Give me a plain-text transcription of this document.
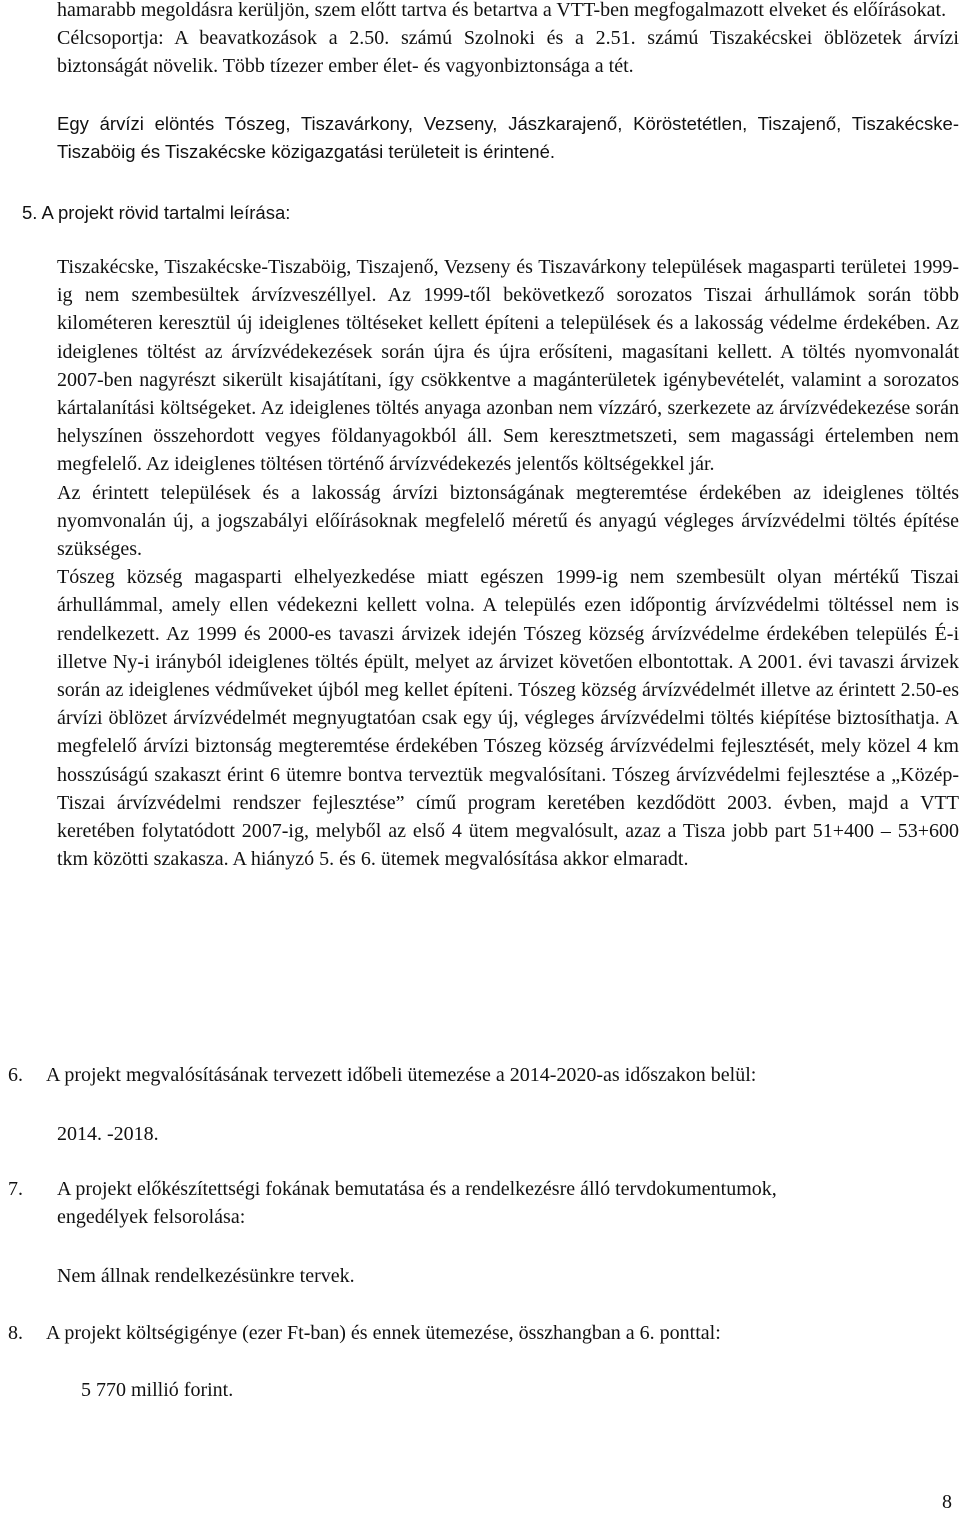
hamarabb megoldásra kerüljön, szem előtt tartva és betartva a VTT-ben megfogalmazott elveket és előírásokat.

Célcsoportja: A beavatkozások a 2.50. számú Szolnoki és a 2.51. számú Tiszakécskei öblözetek árvízi biztonságát növelik. Több tízezer ember élet- és vagyonbiztonsága a tét.

Egy árvízi elöntés Tószeg, Tiszavárkony, Vezseny, Jászkarajenő, Köröstetétlen, Tiszajenő, Tiszakécske-Tiszaböig és Tiszakécske közigazgatási területeit is érintené.

5. A projekt rövid tartalmi leírása:

Tiszakécske, Tiszakécske-Tiszaböig, Tiszajenő, Vezseny és Tiszavárkony települések magasparti területei 1999-ig nem szembesültek árvízveszéllyel. Az 1999-től bekövetkező sorozatos Tiszai árhullámok során több kilométeren keresztül új ideiglenes töltéseket kellett építeni a települések és a lakosság védelme érdekében. Az ideiglenes töltést az árvízvédekezések során újra és újra erősíteni, magasítani kellett. A töltés nyomvonalát 2007-ben nagyrészt sikerült kisajátítani, így csökkentve a magánterületek igénybevételét, valamint a sorozatos kártalanítási költségeket. Az ideiglenes töltés anyaga azonban nem vízzáró, szerkezete az árvízvédekezése során helyszínen összehordott vegyes földanyagokból áll. Sem keresztmetszeti, sem magassági értelemben nem megfelelő. Az ideiglenes töltésen történő árvízvédekezés jelentős költségekkel jár.

Az érintett települések és a lakosság árvízi biztonságának megteremtése érdekében az ideiglenes töltés nyomvonalán új, a jogszabályi előírásoknak megfelelő méretű és anyagú végleges árvízvédelmi töltés építése szükséges.

Tószeg község magasparti elhelyezkedése miatt egészen 1999-ig nem szembesült olyan mértékű Tiszai árhullámmal, amely ellen védekezni kellett volna. A település ezen időpontig árvízvédelmi töltéssel nem is rendelkezett. Az 1999 és 2000-es tavaszi árvizek idején Tószeg község árvízvédelme érdekében település É-i illetve Ny-i irányból ideiglenes töltés épült, melyet az árvizet követően elbontottak. A 2001. évi tavaszi árvizek során az ideiglenes védműveket újból meg kellet építeni. Tószeg község árvízvédelmét illetve az érintett 2.50-es árvízi öblözet árvízvédelmét megnyugtatóan csak egy új, végleges árvízvédelmi töltés kiépítése biztosíthatja. A megfelelő árvízi biztonság megteremtése érdekében Tószeg község árvízvédelmi fejlesztését, mely közel 4 km hosszúságú szakaszt érint 6 ütemre bontva terveztük megvalósítani. Tószeg árvízvédelmi fejlesztése a „Közép-Tiszai árvízvédelmi rendszer fejlesztése” című program keretében kezdődött 2003. évben, majd a VTT keretében folytatódott 2007-ig, melyből az első 4 ütem megvalósult, azaz a Tisza jobb part 51+400 – 53+600 tkm közötti szakasza. A hiányzó 5. és 6. ütemek megvalósítása akkor elmaradt.

6. A projekt megvalósításának tervezett időbeli ütemezése a 2014-2020-as időszakon belül:
2014. -2018.
7. A projekt előkészítettségi fokának bemutatása és a rendelkezésre álló tervdokumentumok,
engedélyek felsorolása:
Nem állnak rendelkezésünkre tervek.
8. A projekt költségigénye (ezer Ft-ban) és ennek ütemezése, összhangban a 6. ponttal:
5 770 millió forint.
8
